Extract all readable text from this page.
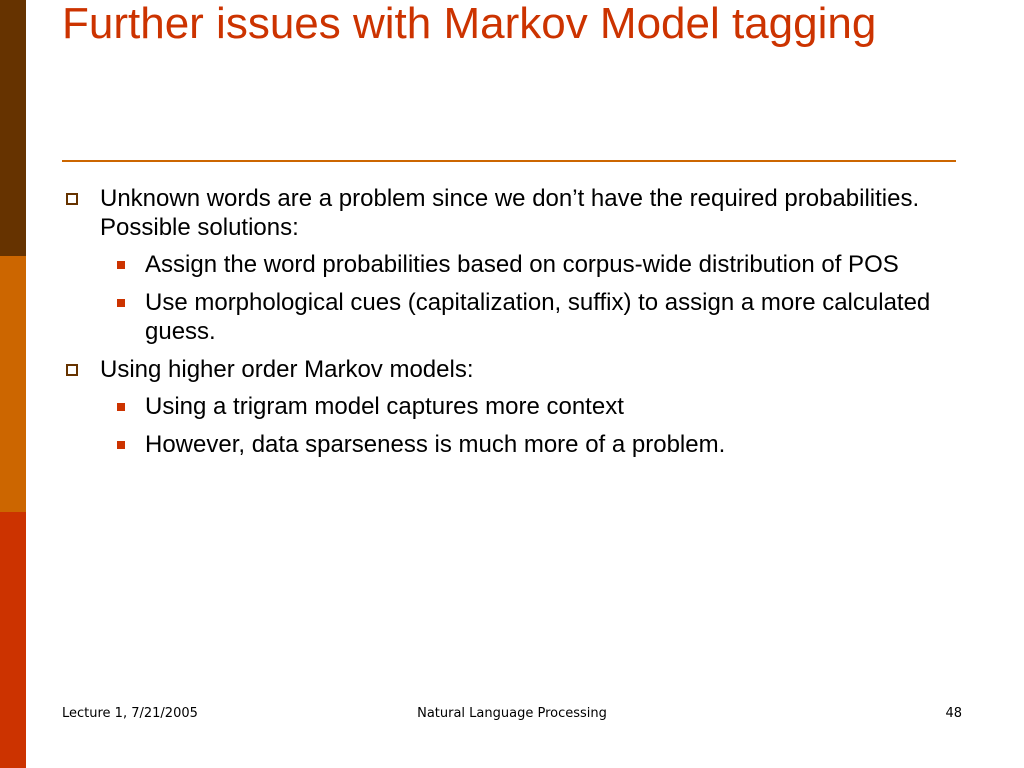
Further issues with Markov Model tagging
Unknown words are a problem since we don’t have the required probabilities. Possible solutions:
Assign the word probabilities based on corpus-wide distribution of POS
Use morphological cues (capitalization, suffix) to assign a more calculated guess.
Using higher order Markov models:
Using a trigram model captures more context
However, data sparseness is much more of a problem.
Lecture 1, 7/21/2005	Natural Language Processing	48
